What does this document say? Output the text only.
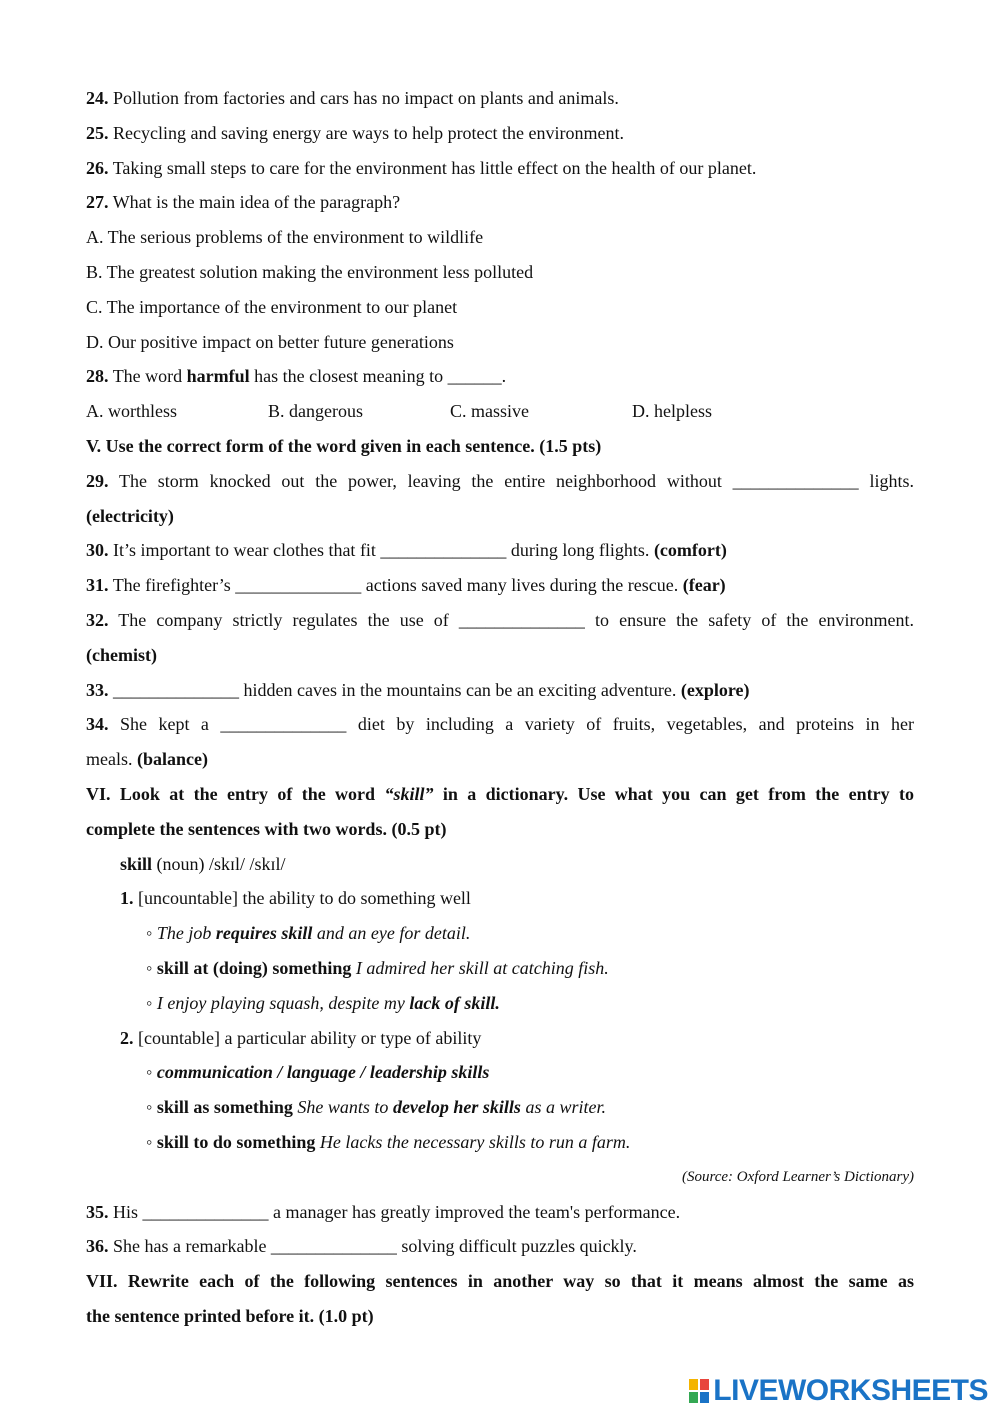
24. Pollution from factories and cars has no impact on plants and animals.
25. Recycling and saving energy are ways to help protect the environment.
26. Taking small steps to care for the environment has little effect on the health of our planet.
27. What is the main idea of the paragraph?
A. The serious problems of the environment to wildlife
B. The greatest solution making the environment less polluted
C. The importance of the environment to our planet
D. Our positive impact on better future generations
28. The word harmful has the closest meaning to ______.
A. worthless	B. dangerous	C. massive	D. helpless
V. Use the correct form of the word given in each sentence. (1.5 pts)
29. The storm knocked out the power, leaving the entire neighborhood without ______________ lights.
(electricity)
30. It’s important to wear clothes that fit ______________ during long flights. (comfort)
31. The firefighter’s ______________ actions saved many lives during the rescue. (fear)
32. The company strictly regulates the use of ______________ to ensure the safety of the environment.
(chemist)
33. ______________ hidden caves in the mountains can be an exciting adventure. (explore)
34. She kept a ______________ diet by including a variety of fruits, vegetables, and proteins in her
meals. (balance)
VI. Look at the entry of the word “skill” in a dictionary. Use what you can get from the entry to
complete the sentences with two words. (0.5 pt)
skill (noun) /skɪl/ /skɪl/
1. [uncountable] the ability to do something well
◦ The job requires skill and an eye for detail.
◦ skill at (doing) something I admired her skill at catching fish.
◦ I enjoy playing squash, despite my lack of skill.
2. [countable] a particular ability or type of ability
◦ communication / language / leadership skills
◦ skill as something She wants to develop her skills as a writer.
◦ skill to do something He lacks the necessary skills to run a farm.
(Source: Oxford Learner’s Dictionary)
35. His ______________ a manager has greatly improved the team's performance.
36. She has a remarkable ______________ solving difficult puzzles quickly.
VII. Rewrite each of the following sentences in another way so that it means almost the same as
the sentence printed before it. (1.0 pt)
LIVEWORKSHEETS
